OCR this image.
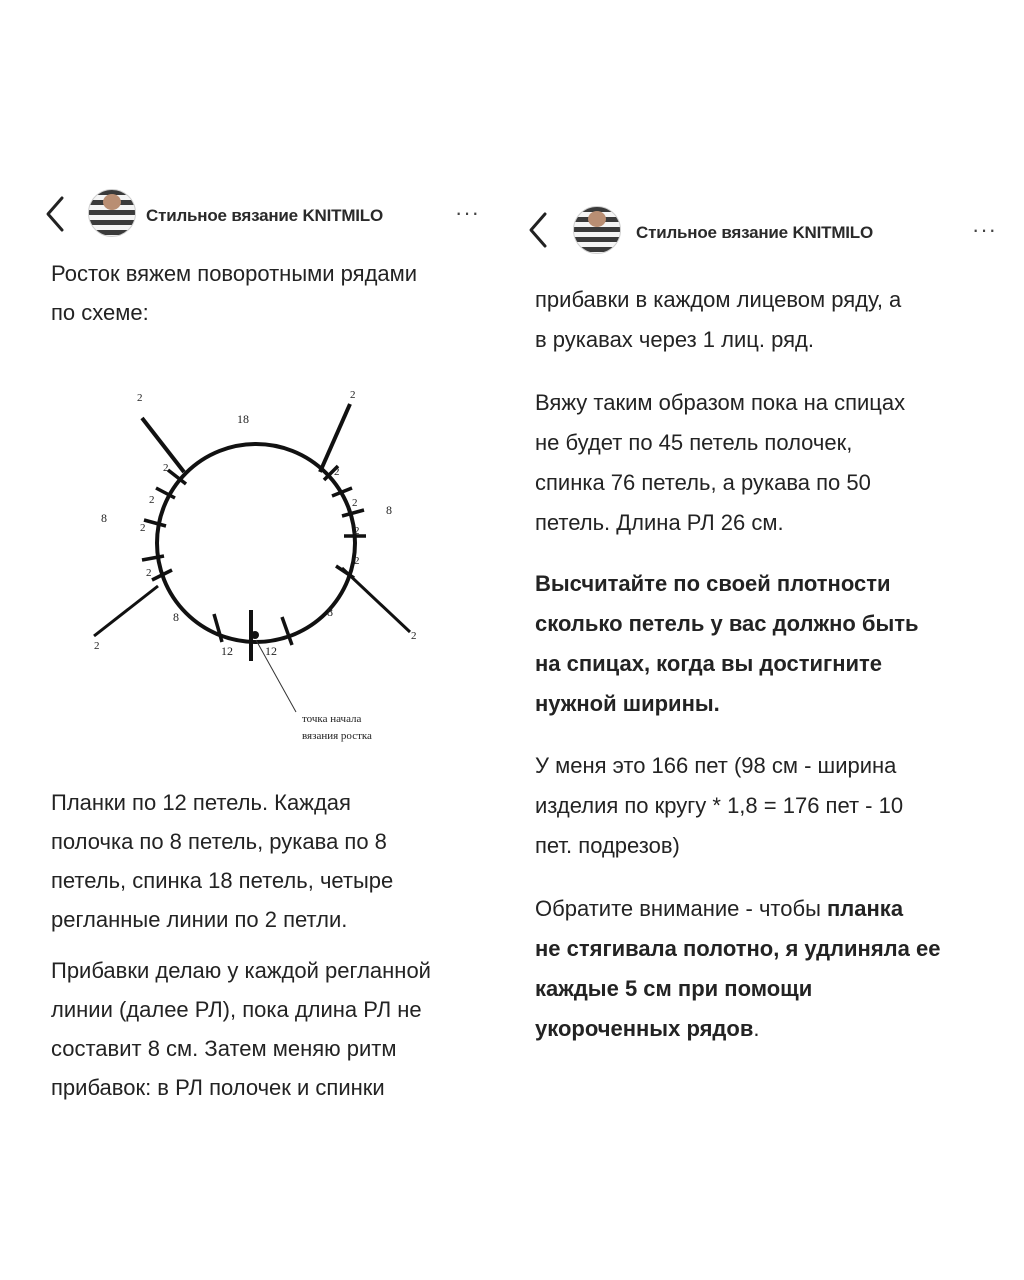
Стильное вязание KNITMILO	···
Росток вяжем поворотными рядами
по схеме:
18
8
8
8	8
12	12
2	2
2
2
2
2
2
2
2
2
2
2
точка начала
вязания ростка
Планки по 12 петель. Каждая
полочка по 8 петель, рукава по 8
петель, спинка 18 петель, четыре
регланные линии по 2 петли.
Прибавки делаю у каждой регланной
линии (далее РЛ), пока длина РЛ не
составит 8 см. Затем меняю ритм
прибавок: в РЛ полочек и спинки
Стильное вязание KNITMILO	···
прибавки в каждом лицевом ряду, а
в рукавах через 1 лиц. ряд.
Вяжу таким образом пока на спицах
не будет по 45 петель полочек,
спинка 76 петель, а рукава по 50
петель. Длина РЛ 26 см.
Высчитайте по своей плотности
сколько петель у вас должно быть
на спицах, когда вы достигните
нужной ширины.
У меня это 166 пет (98 см - ширина
изделия по кругу * 1,8 = 176 пет - 10
пет. подрезов)
Обратите внимание - чтобы планка
не стягивала полотно, я удлиняла ее
каждые 5 см при помощи
укороченных рядов.
